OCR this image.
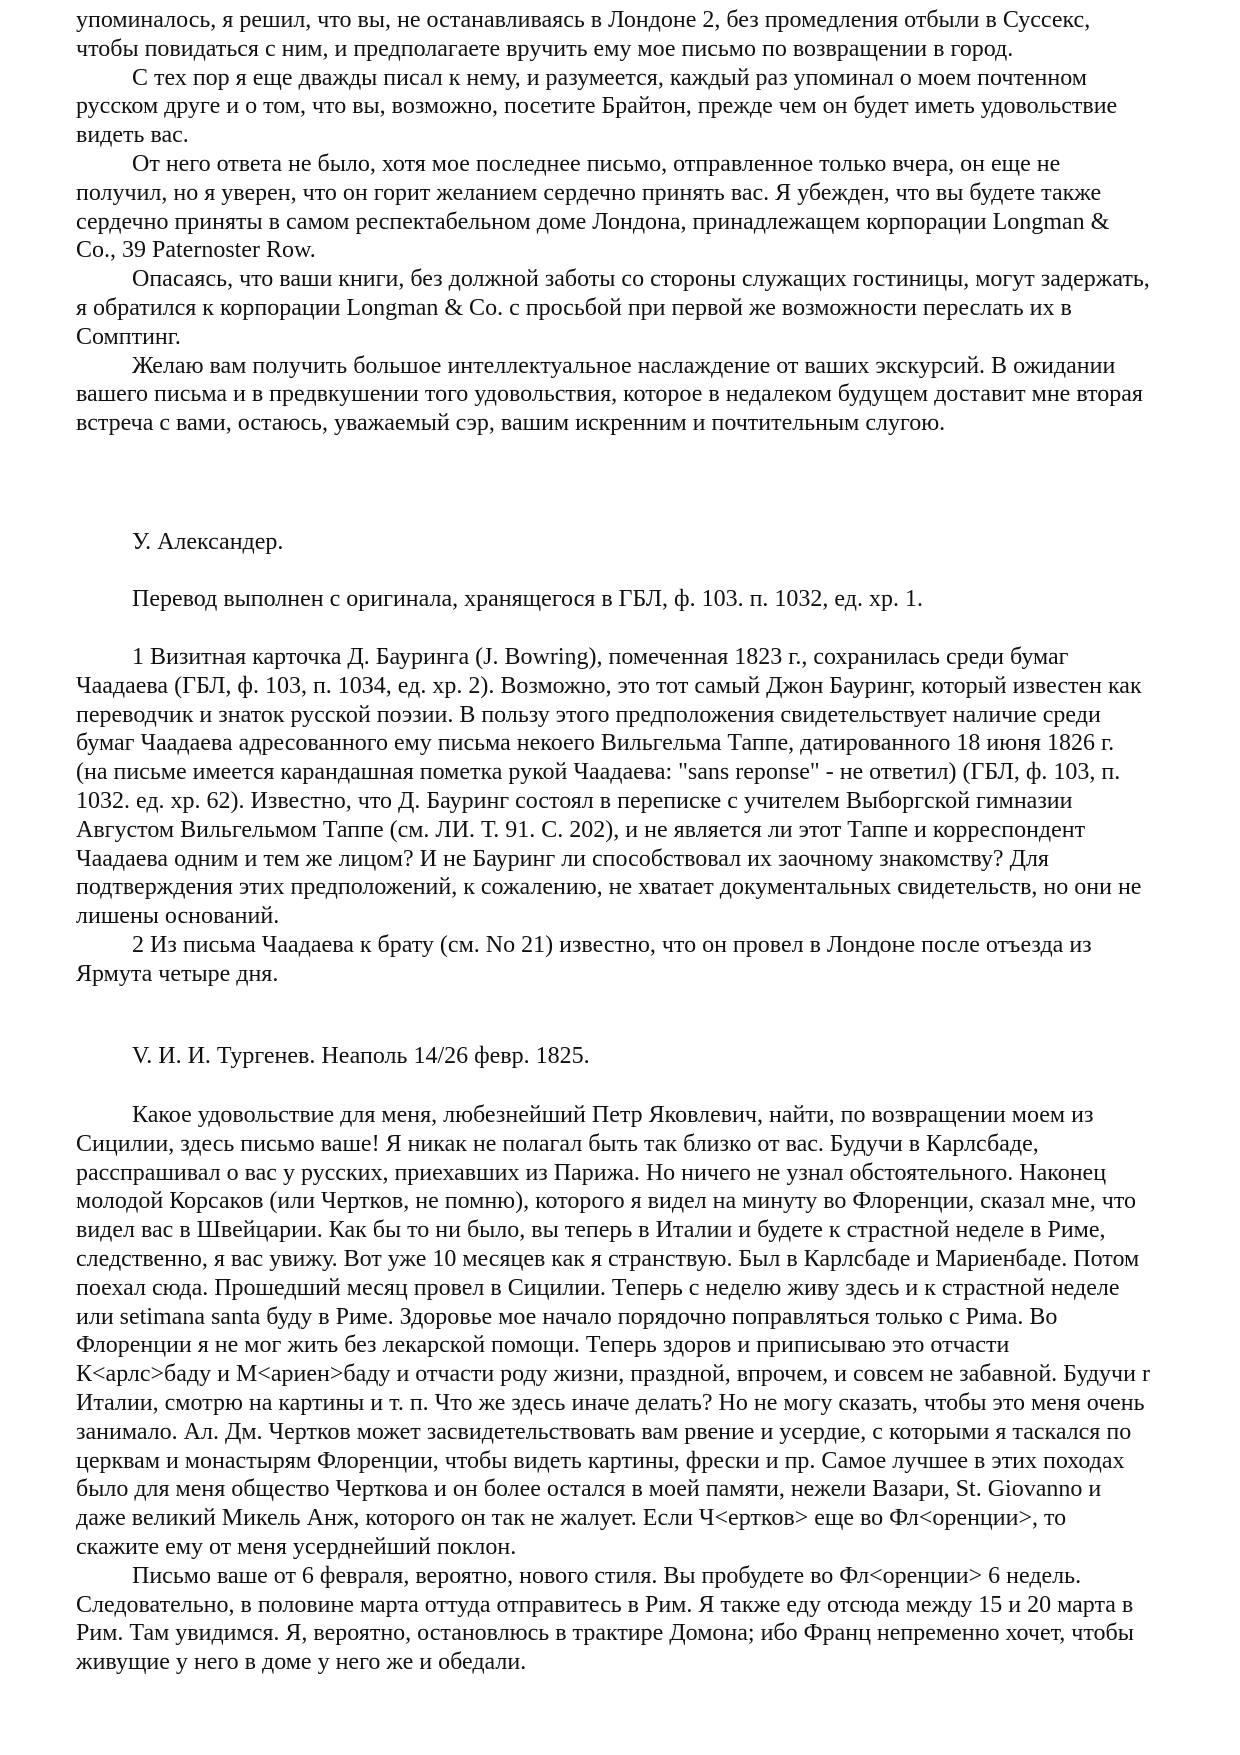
упоминалось, я решил, что вы, не останавливаясь в Лондоне 2, без промедления отбыли в Суссекс,
чтобы повидаться с ним, и предполагаете вручить ему мое письмо по возвращении в город.
С тех пор я еще дважды писал к нему, и разумеется, каждый раз упоминал о моем почтенном
русском друге и о том, что вы, возможно, посетите Брайтон, прежде чем он будет иметь удовольствие
видеть вас.
От него ответа не было, хотя мое последнее письмо, отправленное только вчера, он еще не
получил, но я уверен, что он горит желанием сердечно принять вас. Я убежден, что вы будете также
сердечно приняты в самом респектабельном доме Лондона, принадлежащем корпорации Longman &
Co., 39 Paternoster Row.
Опасаясь, что ваши книги, без должной заботы со стороны служащих гостиницы, могут задержать,
я обратился к корпорации Longman & Co. с просьбой при первой же возможности переслать их в
Сомптинг.
Желаю вам получить большое интеллектуальное наслаждение от ваших экскурсий. В ожидании
вашего письма и в предвкушении того удовольствия, которое в недалеком будущем доставит мне вторая
встреча с вами, остаюсь, уважаемый сэр, вашим искренним и почтительным слугою.
У. Александер.
Перевод выполнен с оригинала, хранящегося в ГБЛ, ф. 103. п. 1032, ед. хр. 1.
1 Визитная карточка Д. Бауринга (J. Bowring), помеченная 1823 г., сохранилась среди бумаг
Чаадаева (ГБЛ, ф. 103, п. 1034, ед. хр. 2). Возможно, это тот самый Джон Бауринг, который известен как
переводчик и знаток русской поэзии. В пользу этого предположения свидетельствует наличие среди
бумаг Чаадаева адресованного ему письма некоего Вильгельма Таппе, датированного 18 июня 1826 г.
(на письме имеется карандашная пометка рукой Чаадаева: "sans reponse" - не ответил) (ГБЛ, ф. 103, п.
1032. ед. хр. 62). Известно, что Д. Бауринг состоял в переписке с учителем Выборгской гимназии
Августом Вильгельмом Таппе (см. ЛИ. Т. 91. С. 202), и не является ли этот Таппе и корреспондент
Чаадаева одним и тем же лицом? И не Бауринг ли способствовал их заочному знакомству? Для
подтверждения этих предположений, к сожалению, не хватает документальных свидетельств, но они не
лишены оснований.
2 Из письма Чаадаева к брату (см. No 21) известно, что он провел в Лондоне после отъезда из
Ярмута четыре дня.
V. И. И. Тургенев. Неаполь 14/26 февр. 1825.
Какое удовольствие для меня, любезнейший Петр Яковлевич, найти, по возвращении моем из
Сицилии, здесь письмо ваше! Я никак не полагал быть так близко от вас. Будучи в Карлсбаде,
расспрашивал о вас у русских, приехавших из Парижа. Но ничего не узнал обстоятельного. Наконец
молодой Корсаков (или Чертков, не помню), которого я видел на минуту во Флоренции, сказал мне, что
видел вас в Швейцарии. Как бы то ни было, вы теперь в Италии и будете к страстной неделе в Риме,
следственно, я вас увижу. Вот уже 10 месяцев как я странствую. Был в Карлсбаде и Мариенбаде. Потом
поехал сюда. Прошедший месяц провел в Сицилии. Теперь с неделю живу здесь и к страстной неделе
или setimana santa буду в Риме. Здоровье мое начало порядочно поправляться только с Рима. Во
Флоренции я не мог жить без лекарской помощи. Теперь здоров и приписываю это отчасти
К<арлс>баду и М<ариен>баду и отчасти роду жизни, праздной, впрочем, и совсем не забавной. Будучи r
Италии, смотрю на картины и т. п. Что же здесь иначе делать? Но не могу сказать, чтобы это меня очень
занимало. Ал. Дм. Чертков может засвидетельствовать вам рвение и усердие, с которыми я таскался по
церквам и монастырям Флоренции, чтобы видеть картины, фрески и пр. Самое лучшее в этих походах
было для меня общество Черткова и он более остался в моей памяти, нежели Вазари, St. Giovanno и
даже великий Микель Анж, которого он так не жалует. Если Ч<ертков> еще во Фл<оренции>, то
скажите ему от меня усерднейший поклон.
Письмо ваше от 6 февраля, вероятно, нового стиля. Вы пробудете во Фл<оренции> 6 недель.
Следовательно, в половине марта оттуда отправитесь в Рим. Я также еду отсюда между 15 и 20 марта в
Рим. Там увидимся. Я, вероятно, остановлюсь в трактире Домона; ибо Франц непременно хочет, чтобы
живущие у него в доме у него же и обедали.
